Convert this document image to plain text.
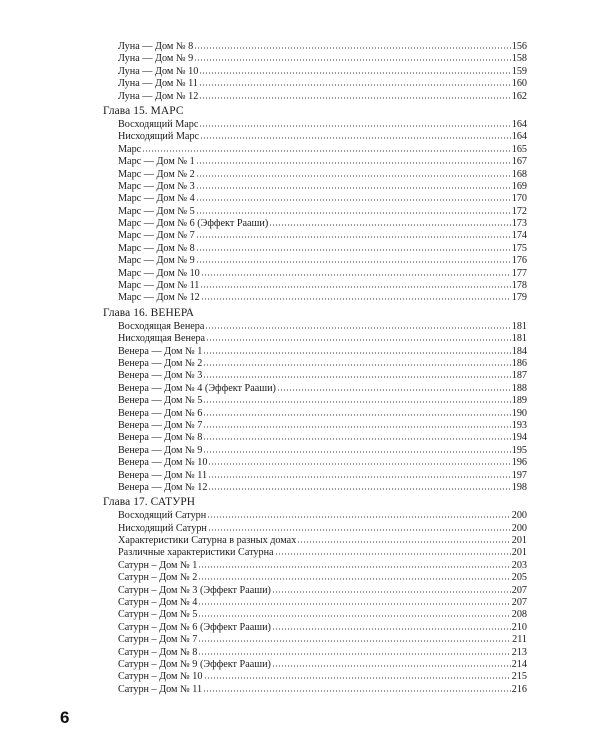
Луна — Дом № 8	156
Луна — Дом № 9	158
Луна — Дом № 10	159
Луна — Дом № 11	160
Луна — Дом № 12	162
Глава 15. МАРС
Восходящий Марс	164
Нисходящий Марс	164
Марс	165
Марс — Дом № 1	167
Марс — Дом № 2	168
Марс — Дом № 3	169
Марс — Дом № 4	170
Марс — Дом № 5	172
Марс — Дом № 6 (Эффект Рааши)	173
Марс — Дом № 7	174
Марс — Дом № 8	175
Марс — Дом № 9	176
Марс — Дом № 10	177
Марс — Дом № 11	178
Марс — Дом № 12	179
Глава 16. ВЕНЕРА
Восходящая Венера	181
Нисходящая Венера	181
Венера — Дом № 1	184
Венера — Дом № 2	186
Венера — Дом № 3	187
Венера — Дом № 4 (Эффект Рааши)	188
Венера — Дом № 5	189
Венера — Дом № 6	190
Венера — Дом № 7	193
Венера — Дом № 8	194
Венера — Дом № 9	195
Венера — Дом № 10	196
Венера — Дом № 11	197
Венера — Дом № 12	198
Глава 17. САТУРН
Восходящий Сатурн	200
Нисходящий Сатурн	200
Характеристики Сатурна в разных домах	201
Различные характеристики Сатурна	201
Сатурн – Дом № 1	203
Сатурн – Дом № 2	205
Сатурн – Дом № 3 (Эффект Рааши)	207
Сатурн – Дом № 4	207
Сатурн – Дом № 5	208
Сатурн – Дом № 6 (Эффект Рааши)	210
Сатурн – Дом № 7	211
Сатурн – Дом № 8	213
Сатурн – Дом № 9 (Эффект Рааши)	214
Сатурн – Дом № 10	215
Сатурн – Дом № 11	216
6
